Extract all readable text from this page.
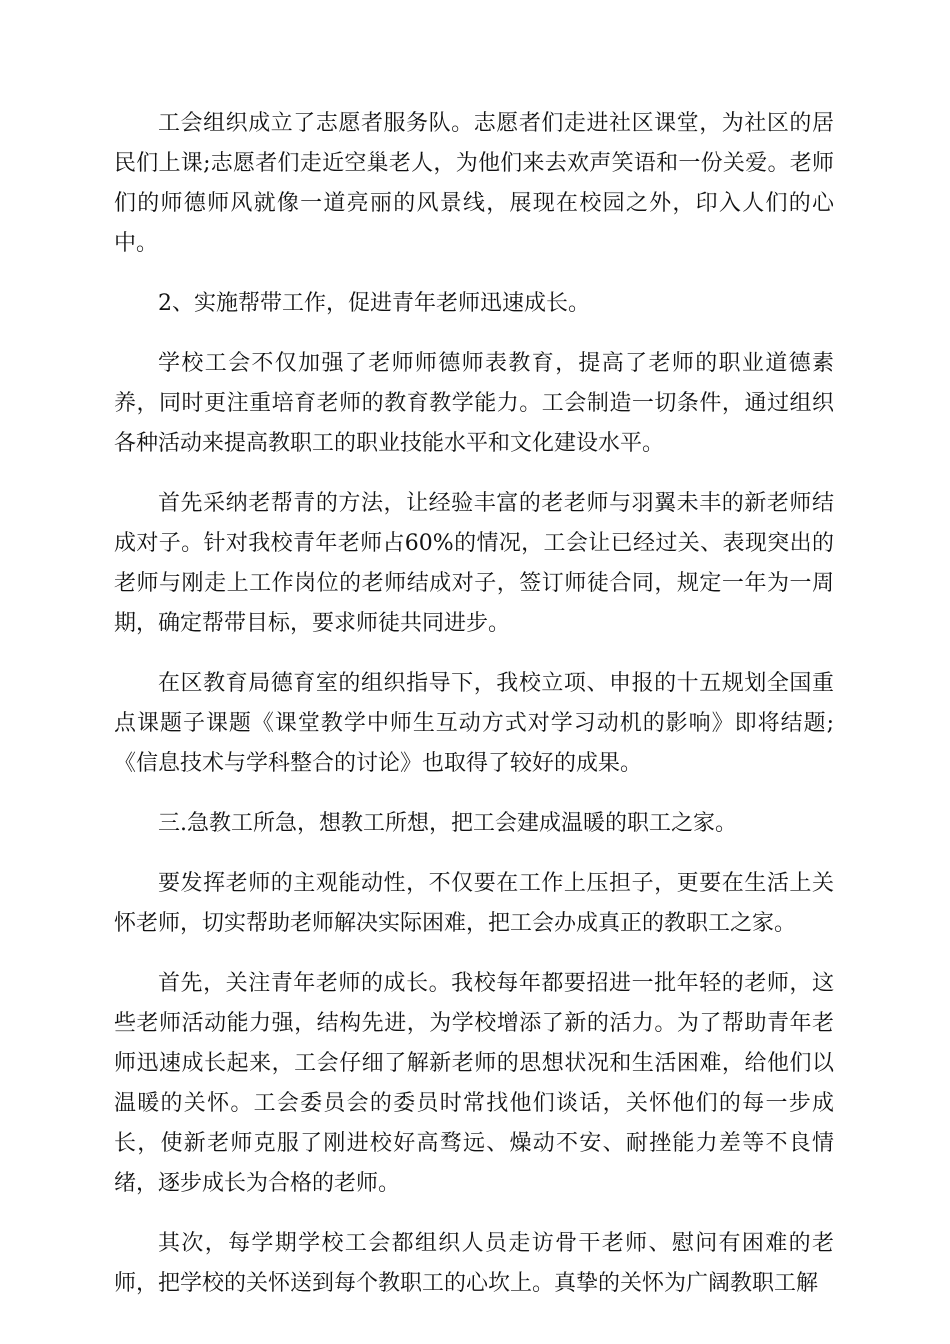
工会组织成立了志愿者服务队。志愿者们走进社区课堂，为社区的居民们上课;志愿者们走近空巢老人，为他们来去欢声笑语和一份关爱。老师们的师德师风就像一道亮丽的风景线，展现在校园之外，印入人们的心中。

2、实施帮带工作，促进青年老师迅速成长。

学校工会不仅加强了老师师德师表教育，提高了老师的职业道德素养，同时更注重培育老师的教育教学能力。工会制造一切条件，通过组织各种活动来提高教职工的职业技能水平和文化建设水平。

首先采纳老帮青的方法，让经验丰富的老老师与羽翼未丰的新老师结成对子。针对我校青年老师占60%的情况，工会让已经过关、表现突出的老师与刚走上工作岗位的老师结成对子，签订师徒合同，规定一年为一周期，确定帮带目标，要求师徒共同进步。

在区教育局德育室的组织指导下，我校立项、申报的十五规划全国重点课题子课题《课堂教学中师生互动方式对学习动机的影响》即将结题;《信息技术与学科整合的讨论》也取得了较好的成果。

三.急教工所急，想教工所想，把工会建成温暖的职工之家。

要发挥老师的主观能动性，不仅要在工作上压担子，更要在生活上关怀老师，切实帮助老师解决实际困难，把工会办成真正的教职工之家。

首先，关注青年老师的成长。我校每年都要招进一批年轻的老师，这些老师活动能力强，结构先进，为学校增添了新的活力。为了帮助青年老师迅速成长起来，工会仔细了解新老师的思想状况和生活困难，给他们以温暖的关怀。工会委员会的委员时常找他们谈话，关怀他们的每一步成长，使新老师克服了刚进校好高骛远、燥动不安、耐挫能力差等不良情绪，逐步成长为合格的老师。

其次，每学期学校工会都组织人员走访骨干老师、慰问有困难的老师，把学校的关怀送到每个教职工的心坎上。真挚的关怀为广阔教职工解
